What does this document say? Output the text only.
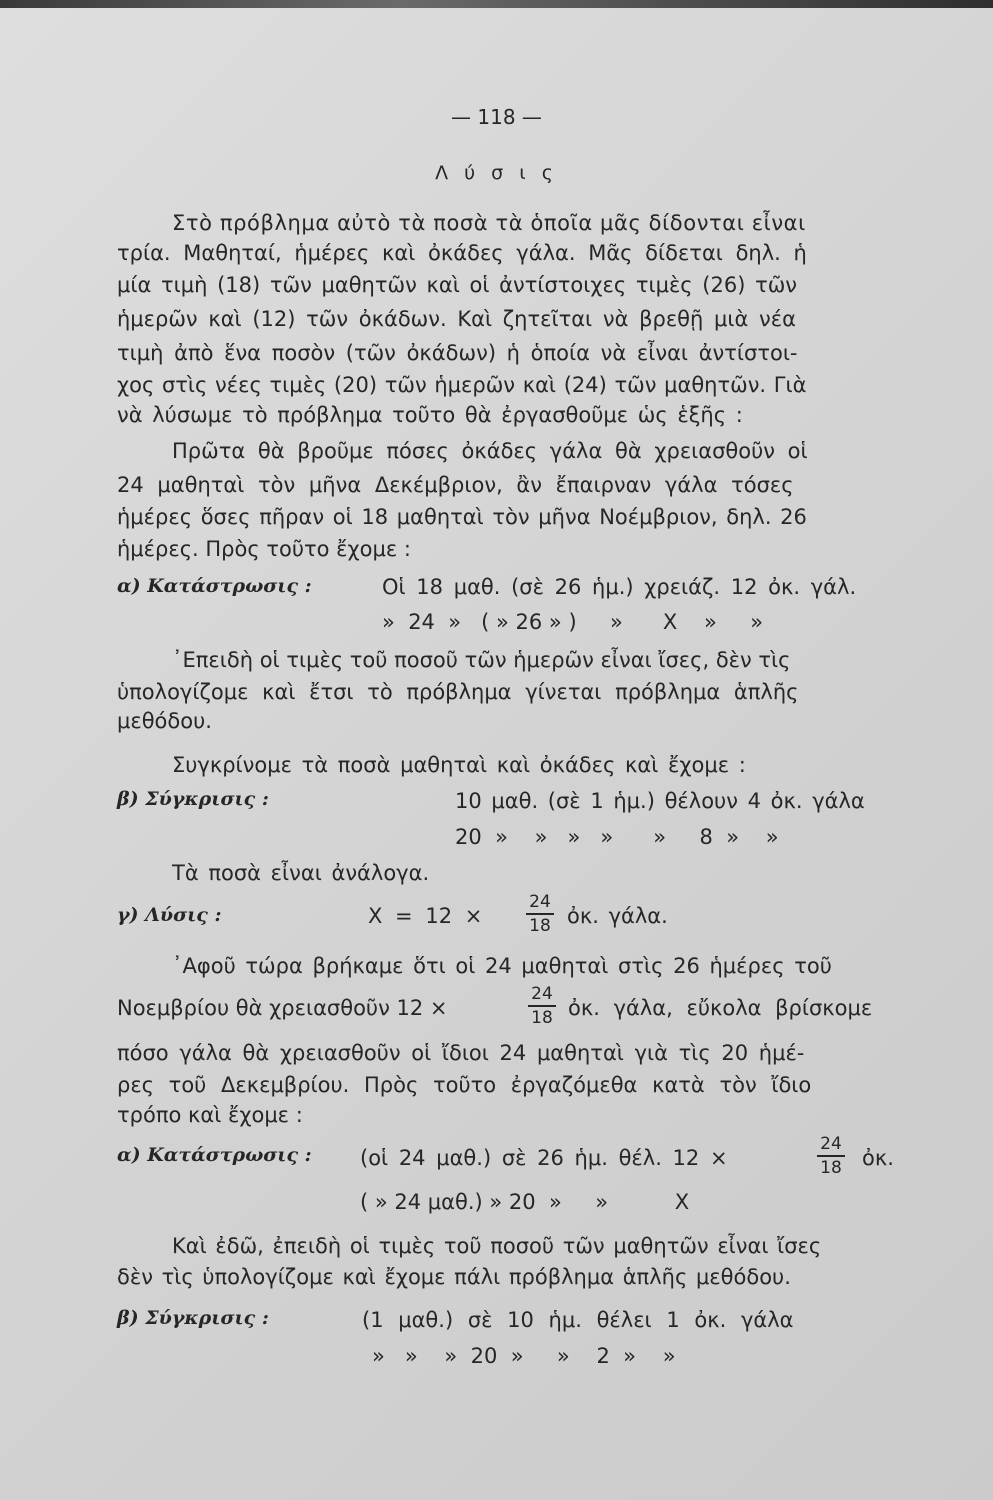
— 118 —
Λ ύ σ ι ς
Στὸ πρόβλημα αὐτὸ τὰ ποσὰ τὰ ὁποῖα μᾶς δίδονται εἶναι
τρία. Μαθηταί, ἡμέρες καὶ ὀκάδες γάλα. Μᾶς δίδεται δηλ. ἡ
μία τιμὴ (18) τῶν μαθητῶν καὶ οἱ ἀντίστοιχες τιμὲς (26) τῶν
ἡμερῶν καὶ (12) τῶν ὀκάδων. Καὶ ζητεῖται νὰ βρεθῇ μιὰ νέα
τιμὴ ἀπὸ ἕνα ποσὸν (τῶν ὀκάδων) ἡ ὁποία νὰ εἶναι ἀντίστοι-
χος στὶς νέες τιμὲς (20) τῶν ἡμερῶν καὶ (24) τῶν μαθητῶν. Γιὰ
νὰ λύσωμε τὸ πρόβλημα τοῦτο θὰ ἐργασθοῦμε ὡς ἑξῆς :
Πρῶτα θὰ βροῦμε πόσες ὀκάδες γάλα θὰ χρειασθοῦν οἱ
24 μαθηταὶ τὸν μῆνα Δεκέμβριον, ἂν ἔπαιρναν γάλα τόσες
ἡμέρες ὅσες πῆραν οἱ 18 μαθηταὶ τὸν μῆνα Νοέμβριον, δηλ. 26
ἡμέρες. Πρὸς τοῦτο ἔχομε :
α) Κατάστρωσις :	Οἱ 18 μαθ. (σὲ 26 ἡμ.) χρειάζ. 12 ὀκ. γάλ.
»  24  »   ( » 26 » )     »      X    »     »
᾽Επειδὴ οἱ τιμὲς τοῦ ποσοῦ τῶν ἡμερῶν εἶναι ἴσες, δὲν τὶς
ὑπολογίζομε καὶ ἔτσι τὸ πρόβλημα γίνεται πρόβλημα ἁπλῆς
μεθόδου.
Συγκρίνομε τὰ ποσὰ μαθηταὶ καὶ ὀκάδες καὶ ἔχομε :
β) Σύγκρισις :	10 μαθ. (σὲ 1 ἡμ.) θέλουν 4 ὀκ. γάλα
20  »    »   »   »      »     8  »    »
Τὰ ποσὰ εἶναι ἀνάλογα.
γ) Λύσις :	X = 12 ×
24
18 ὀκ. γάλα.
᾽Αφοῦ τώρα βρήκαμε ὅτι οἱ 24 μαθηταὶ στὶς 26 ἡμέρες τοῦ
Νοεμβρίου θὰ χρειασθοῦν 12 ×
24
18 ὀκ. γάλα, εὔκολα βρίσκομε
πόσο γάλα θὰ χρειασθοῦν οἱ ἴδιοι 24 μαθηταὶ γιὰ τὶς 20 ἡμέ-
ρες τοῦ Δεκεμβρίου. Πρὸς τοῦτο ἐργαζόμεθα κατὰ τὸν ἴδιο
τρόπο καὶ ἔχομε :
α) Κατάστρωσις : (οἱ 24 μαθ.) σὲ 26 ἡμ. θέλ. 12 ×
24
18 ὀκ.
( » 24 μαθ.) » 20  »     »          X
Καὶ ἐδῶ, ἐπειδὴ οἱ τιμὲς τοῦ ποσοῦ τῶν μαθητῶν εἶναι ἴσες
δὲν τὶς ὑπολογίζομε καὶ ἔχομε πάλι πρόβλημα ἁπλῆς μεθόδου.
β) Σύγκρισις :	(1 μαθ.) σὲ 10 ἡμ. θέλει 1 ὀκ. γάλα
»   »    »  20  »     »    2  »    »
